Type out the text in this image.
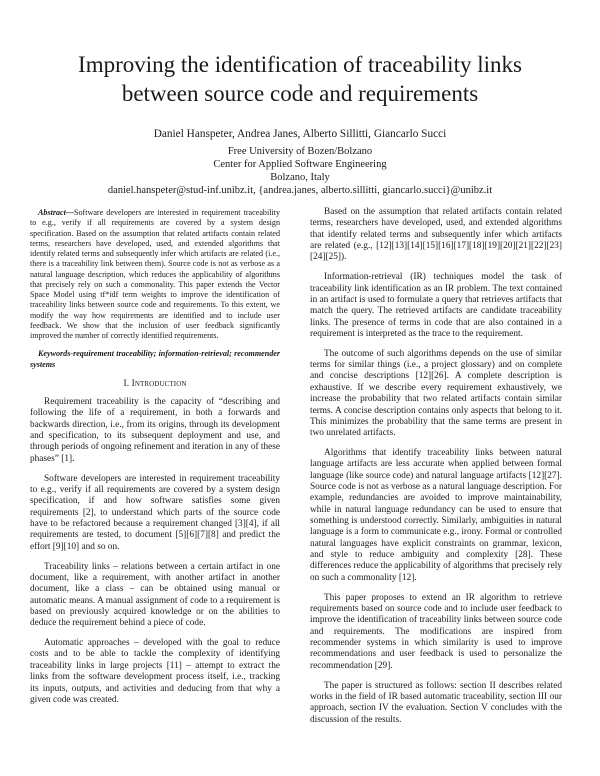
Improving the identification of traceability links
between source code and requirements
Daniel Hanspeter, Andrea Janes, Alberto Sillitti, Giancarlo Succi
Free University of Bozen/Bolzano
Center for Applied Software Engineering
Bolzano, Italy
daniel.hanspeter@stud-inf.unibz.it, {andrea.janes, alberto.sillitti, giancarlo.succi}@unibz.it
Abstract—Software developers are interested in requirement traceability to e.g., verify if all requirements are covered by a system design specification. Based on the assumption that related artifacts contain related terms, researchers have developed, used, and extended algorithms that identify related terms and subsequently infer which artifacts are related (i.e., there is a traceability link between them). Source code is not as verbose as a natural language description, which reduces the applicability of algorithms that precisely rely on such a commonality. This paper extends the Vector Space Model using tf*idf term weights to improve the identification of traceability links between source code and requirements. To this extent, we modify the way how requirements are identified and to include user feedback. We show that the inclusion of user feedback significantly improved the number of correctly identified requirements.
Keywords-requirement traceability; information-retrieval; recommender systems
I. Introduction

Requirement traceability is the capacity of “describing and following the life of a requirement, in both a forwards and backwards direction, i.e., from its origins, through its development and specification, to its subsequent deployment and use, and through periods of ongoing refinement and iteration in any of these phases” [1].

Software developers are interested in requirement traceability to e.g., verify if all requirements are covered by a system design specification, if and how software satisfies some given requirements [2], to understand which parts of the source code have to be refactored because a requirement changed [3][4], if all requirements are tested, to document [5][6][7][8] and predict the effort [9][10] and so on.

Traceability links – relations between a certain artifact in one document, like a requirement, with another artifact in another document, like a class – can be obtained using manual or automatic means. A manual assignment of code to a requirement is based on previously acquired knowledge or on the abilities to deduce the requirement behind a piece of code.

Automatic approaches – developed with the goal to reduce costs and to be able to tackle the complexity of identifying traceability links in large projects [11] – attempt to extract the links from the software development process itself, i.e., tracking its inputs, outputs, and activities and deducing from that why a given code was created.

Based on the assumption that related artifacts contain related terms, researchers have developed, used, and extended algorithms that identify related terms and subsequently infer which artifacts are related (e.g., [12][13][14][15][16][17][18][19][20][21][22][23][24][25]).

Information-retrieval (IR) techniques model the task of traceability link identification as an IR problem. The text contained in an artifact is used to formulate a query that retrieves artifacts that match the query. The retrieved artifacts are candidate traceability links. The presence of terms in code that are also contained in a requirement is interpreted as the trace to the requirement.

The outcome of such algorithms depends on the use of similar terms for similar things (i.e., a project glossary) and on complete and concise descriptions [12][26]. A complete description is exhaustive. If we describe every requirement exhaustively, we increase the probability that two related artifacts contain similar terms. A concise description contains only aspects that belong to it. This minimizes the probability that the same terms are present in two unrelated artifacts.

Algorithms that identify traceability links between natural language artifacts are less accurate when applied between formal language (like source code) and natural language artifacts [12][27]. Source code is not as verbose as a natural language description. For example, redundancies are avoided to improve maintainability, while in natural language redundancy can be used to ensure that something is understood correctly. Similarly, ambiguities in natural language is a form to communicate e.g., irony. Formal or controlled natural languages have explicit constraints on grammar, lexicon, and style to reduce ambiguity and complexity [28]. These differences reduce the applicability of algorithms that precisely rely on such a commonality [12].

This paper proposes to extend an IR algorithm to retrieve requirements based on source code and to include user feedback to improve the identification of traceability links between source code and requirements. The modifications are inspired from recommender systems in which similarity is used to improve recommendations and user feedback is used to personalize the recommendation [29].

The paper is structured as follows: section II describes related works in the field of IR based automatic traceability, section III our approach, section IV the evaluation. Section V concludes with the discussion of the results.
